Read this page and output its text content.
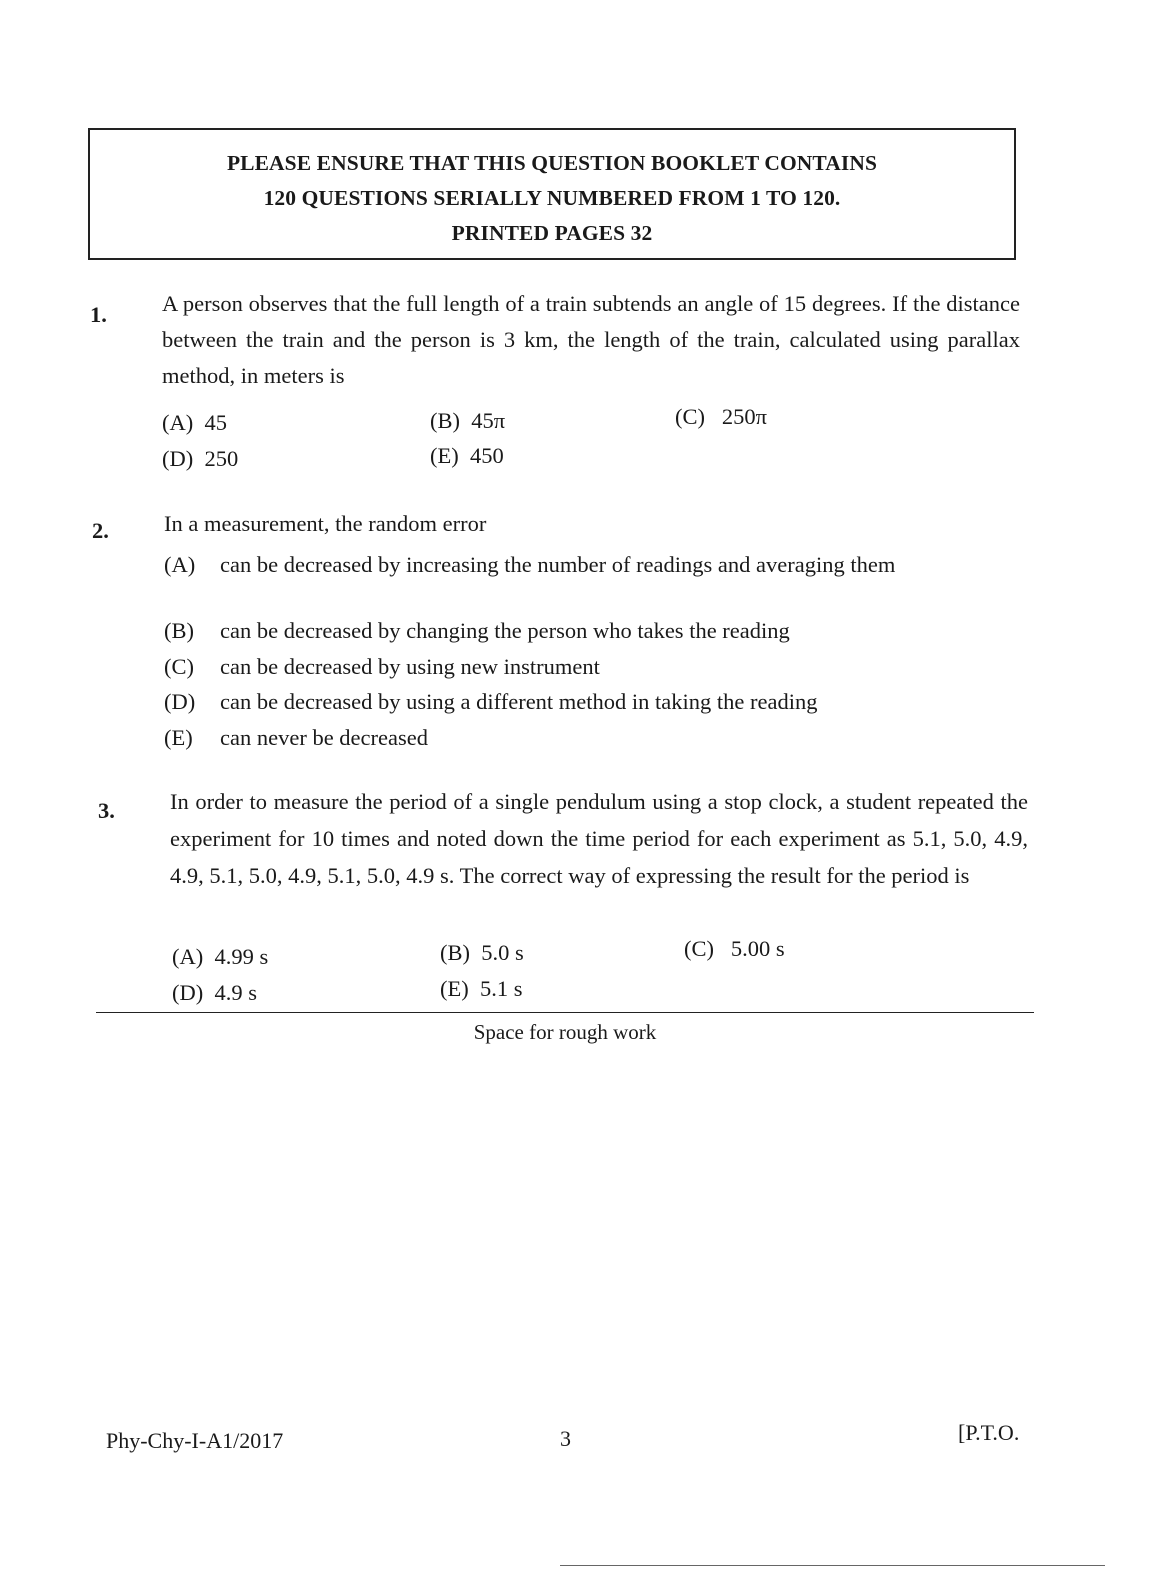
PLEASE ENSURE THAT THIS QUESTION BOOKLET CONTAINS
120 QUESTIONS SERIALLY NUMBERED FROM 1 TO 120.
PRINTED PAGES 32
1. A person observes that the full length of a train subtends an angle of 15 degrees. If the distance between the train and the person is 3 km, the length of the train, calculated using parallax method, in meters is
(A) 45	(B) 45π	(C) 250π
(D) 250	(E) 450
2. In a measurement, the random error
(A)	can be decreased by increasing the number of readings and averaging them
(B)	can be decreased by changing the person who takes the reading
(C)	can be decreased by using new instrument
(D)	can be decreased by using a different method in taking the reading
(E)	can never be decreased
3. In order to measure the period of a single pendulum using a stop clock, a student repeated the experiment for 10 times and noted down the time period for each experiment as 5.1, 5.0, 4.9, 4.9, 5.1, 5.0, 4.9, 5.1, 5.0, 4.9 s. The correct way of expressing the result for the period is
(A) 4.99 s	(B) 5.0 s	(C) 5.00 s
(D) 4.9 s	(E) 5.1 s
Space for rough work
Phy-Chy-I-A1/2017	3	[P.T.O.
